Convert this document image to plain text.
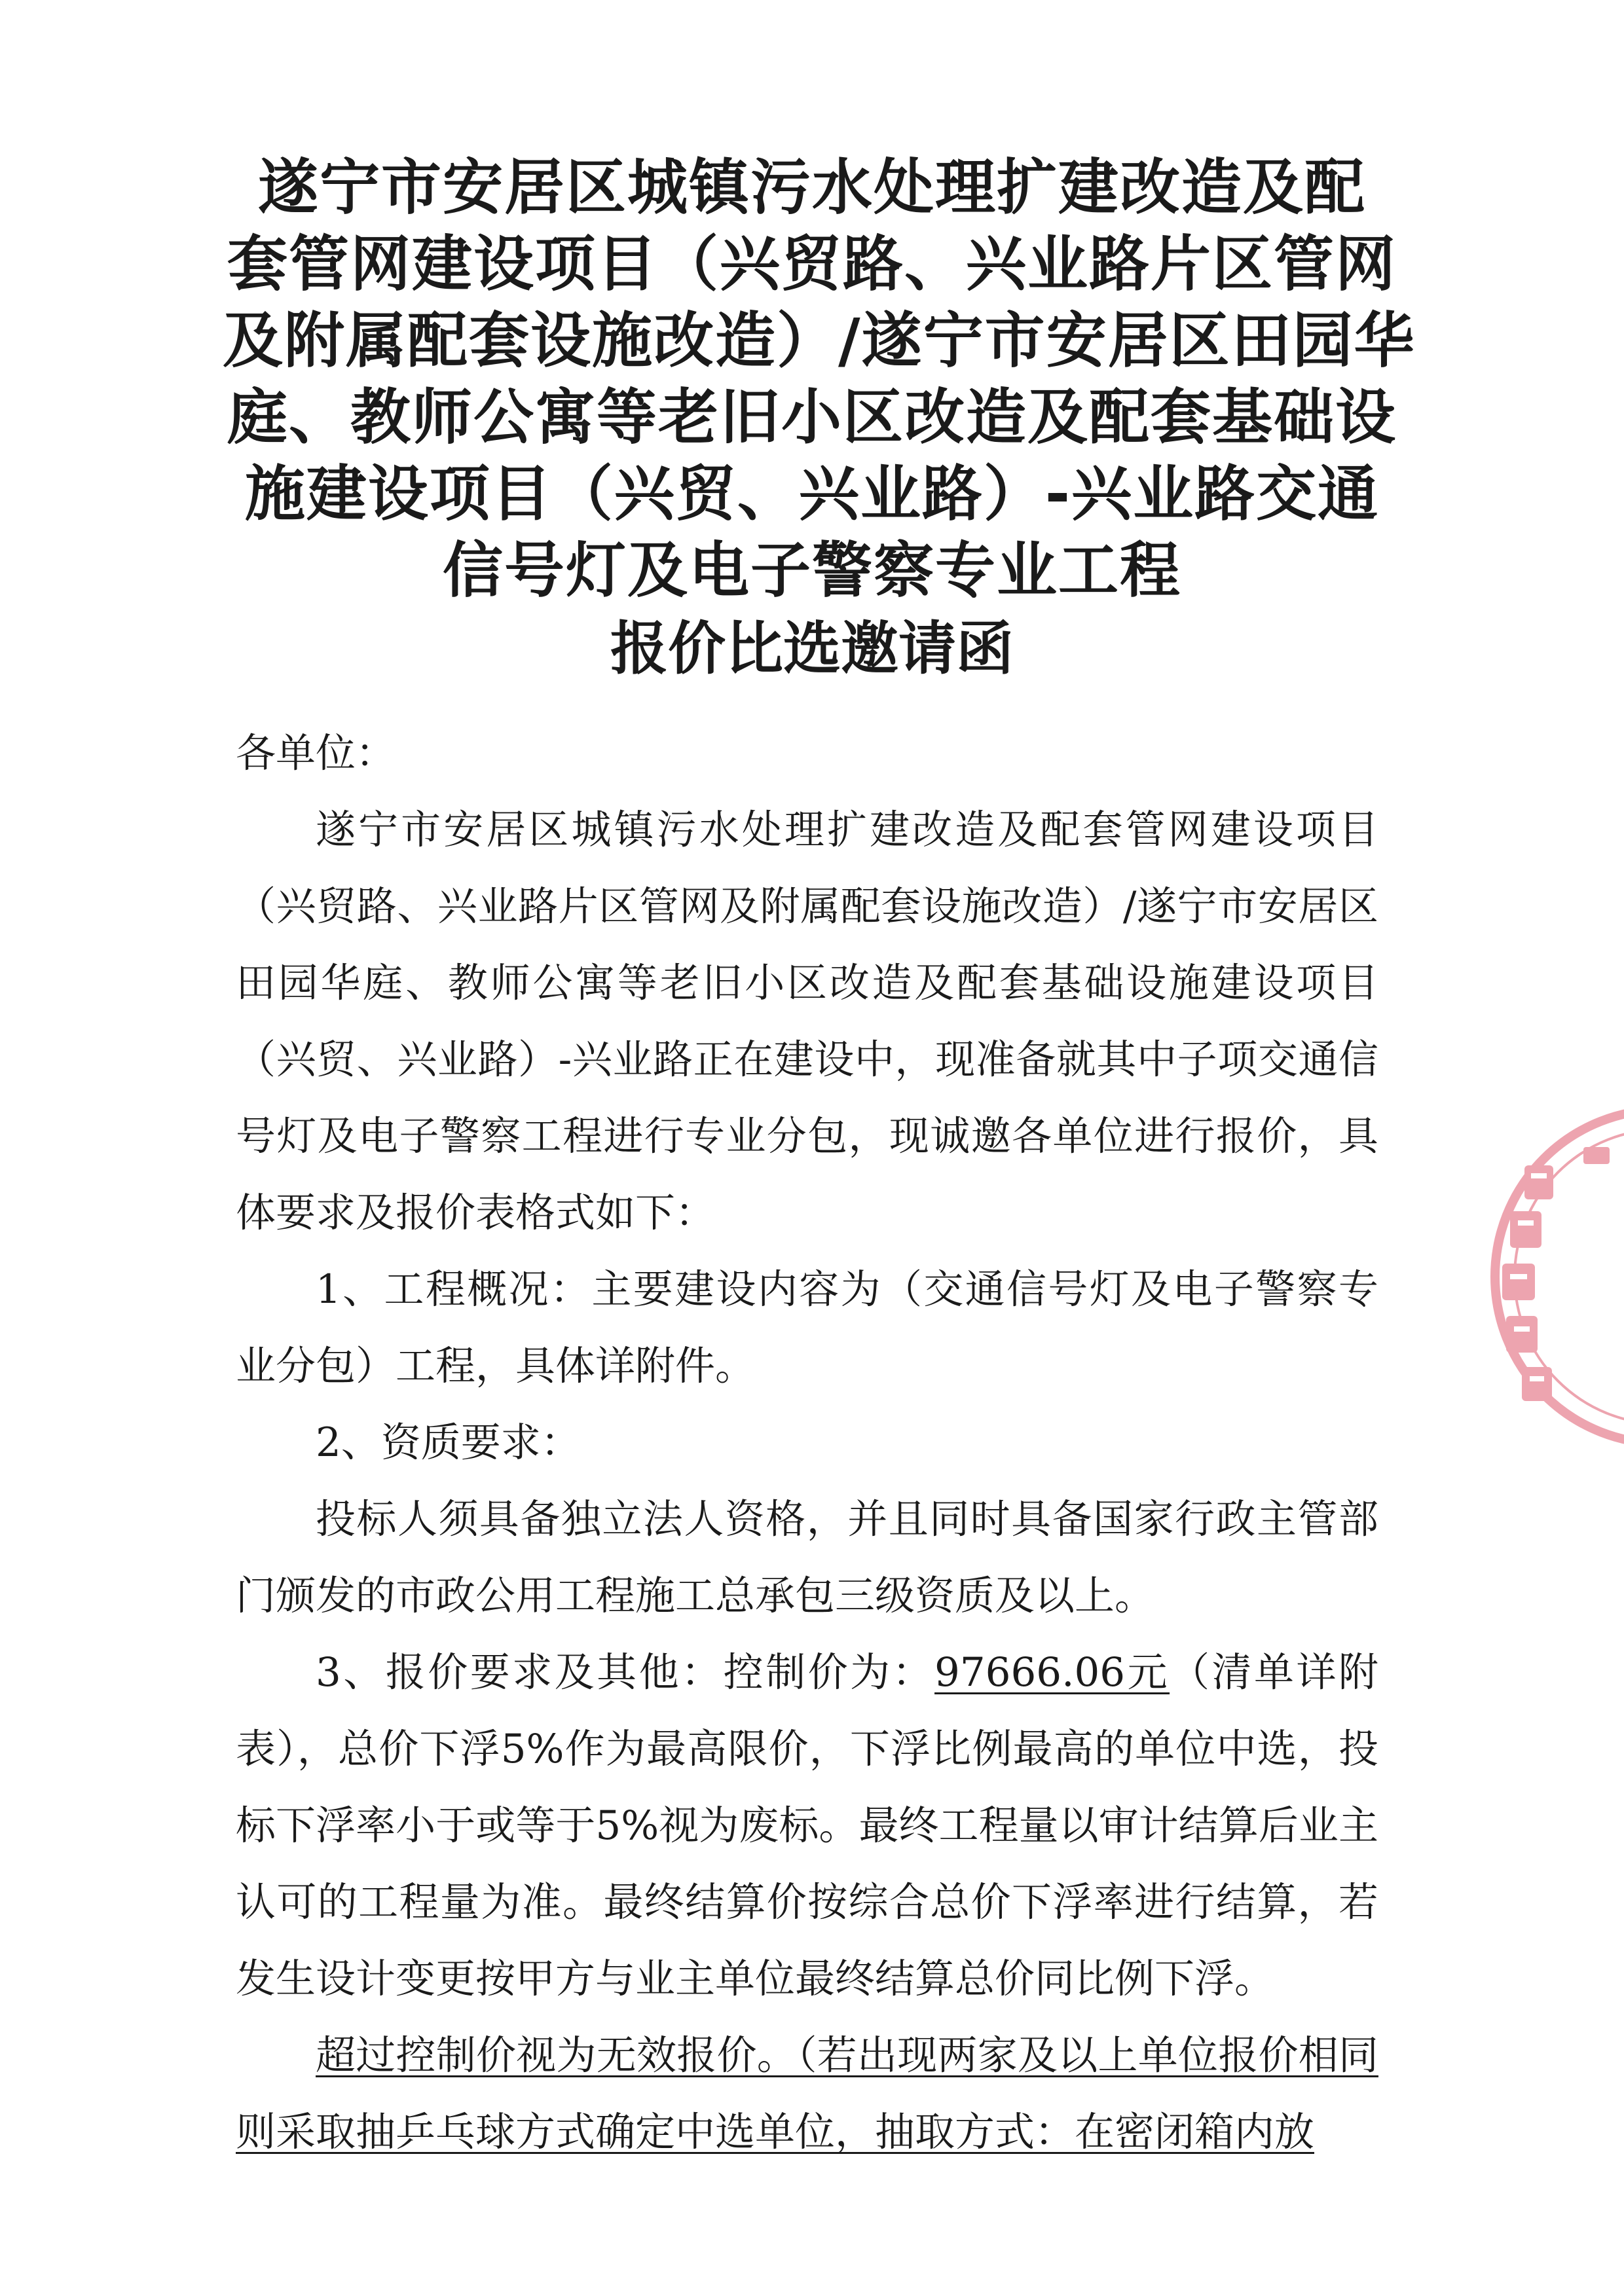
遂宁市安居区城镇污水处理扩建改造及配
套管网建设项目（兴贸路、兴业路片区管网
及附属配套设施改造）/遂宁市安居区田园华
庭、教师公寓等老旧小区改造及配套基础设
施建设项目（兴贸、兴业路）-兴业路交通
信号灯及电子警察专业工程
报价比选邀请函

各单位：

遂宁市安居区城镇污水处理扩建改造及配套管网建设项目（兴贸路、兴业路片区管网及附属配套设施改造）/遂宁市安居区田园华庭、教师公寓等老旧小区改造及配套基础设施建设项目（兴贸、兴业路）-兴业路正在建设中，现准备就其中子项交通信号灯及电子警察工程进行专业分包，现诚邀各单位进行报价，具体要求及报价表格式如下：

1、工程概况：主要建设内容为（交通信号灯及电子警察专业分包）工程，具体详附件。

2、资质要求：

投标人须具备独立法人资格，并且同时具备国家行政主管部门颁发的市政公用工程施工总承包三级资质及以上。

3、报价要求及其他：控制价为：97666.06元（清单详附表），总价下浮5%作为最高限价，下浮比例最高的单位中选，投标下浮率小于或等于5%视为废标。最终工程量以审计结算后业主认可的工程量为准。最终结算价按综合总价下浮率进行结算，若发生设计变更按甲方与业主单位最终结算总价同比例下浮。

超过控制价视为无效报价。（若出现两家及以上单位报价相同则采取抽乒乓球方式确定中选单位，抽取方式：在密闭箱内放
